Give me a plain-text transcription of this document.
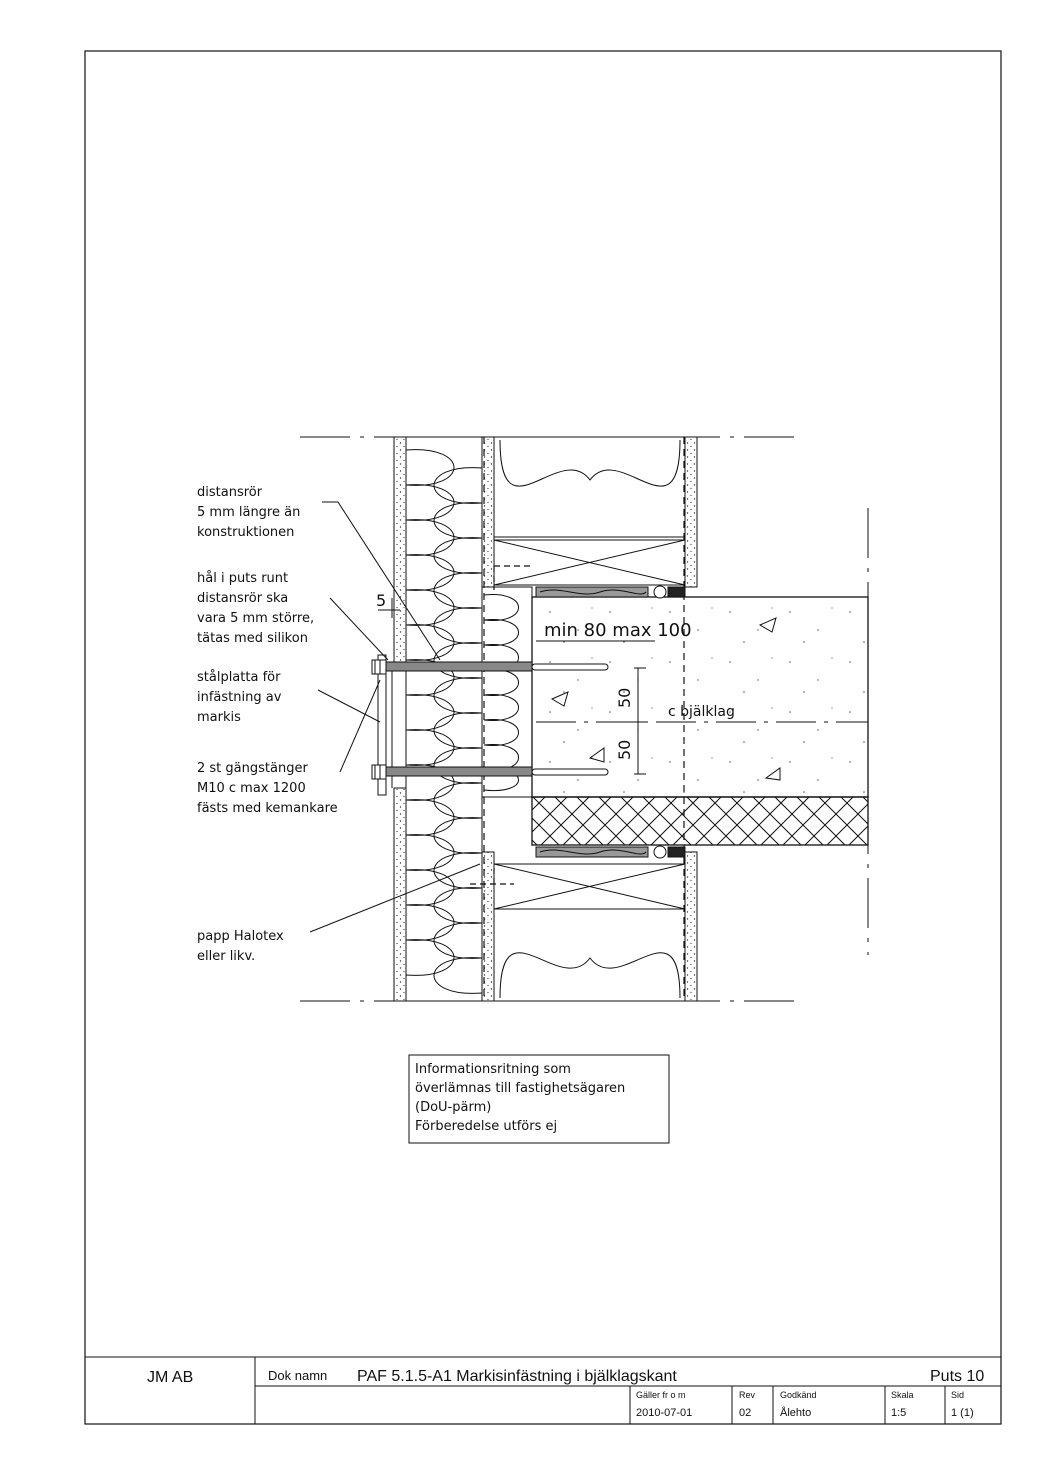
5
min 80 max 100
50
50
c bjälklag
distansrör
5 mm längre än
konstruktionen
hål i puts runt
distansrör ska
vara 5 mm större,
tätas med silikon
stålplatta för
infästning av
markis
2 st gängstänger
M10 c max 1200
fästs med kemankare
papp Halotex
eller likv.
Informationsritning som
överlämnas till fastighetsägaren
(DoU-pärm)
Förberedelse utförs ej
JM AB	Dok namn PAF 5.1.5-A1 Markisinfästning i bjälklagskant	Puts 10
Gäller fr o m
2010-07-01
Rev
02
Godkänd
Ålehto
Skala
1:5
Sid
1 (1)
